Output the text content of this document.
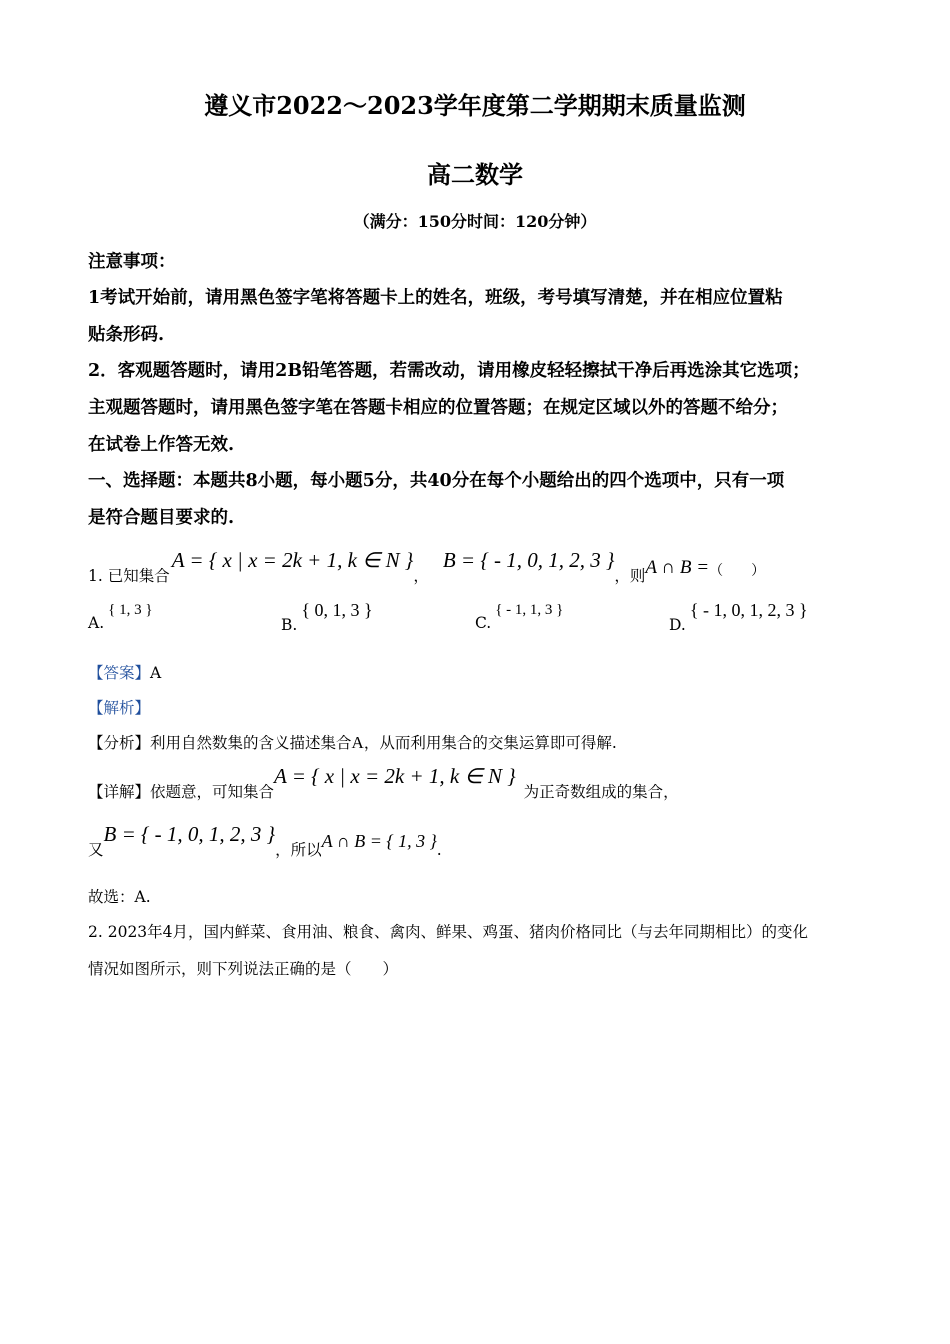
遵义市2022～2023学年度第二学期期末质量监测
高二数学
（满分：150分时间：120分钟）
注意事项：
1考试开始前，请用黑色签字笔将答题卡上的姓名，班级，考号填写清楚，并在相应位置粘
贴条形码.
2．客观题答题时，请用2B铅笔答题，若需改动，请用橡皮轻轻擦拭干净后再选涂其它选项；
主观题答题时，请用黑色签字笔在答题卡相应的位置答题；在规定区域以外的答题不给分；
在试卷上作答无效.
一、选择题：本题共8小题，每小题5分，共40分在每个小题给出的四个选项中，只有一项
是符合题目要求的.
1. 已知集合A = { x | x = 2k + 1, k ∈ N }，B = { - 1, 0, 1, 2, 3 }，则A ∩ B =（　　）
A.{ 1, 3 }
B.{ 0, 1, 3 }
C.{ - 1, 1, 3 }
D.{ - 1, 0, 1, 2, 3 }
【答案】A
【解析】
【分析】利用自然数集的含义描述集合A，从而利用集合的交集运算即可得解.
【详解】依题意，可知集合A = { x | x = 2k + 1, k ∈ N }为正奇数组成的集合，
又B = { - 1, 0, 1, 2, 3 }，所以A ∩ B = { 1, 3 }.
故选：A.
2. 2023年4月，国内鲜菜、食用油、粮食、禽肉、鲜果、鸡蛋、猪肉价格同比（与去年同期相比）的变化
情况如图所示，则下列说法正确的是（　　）
